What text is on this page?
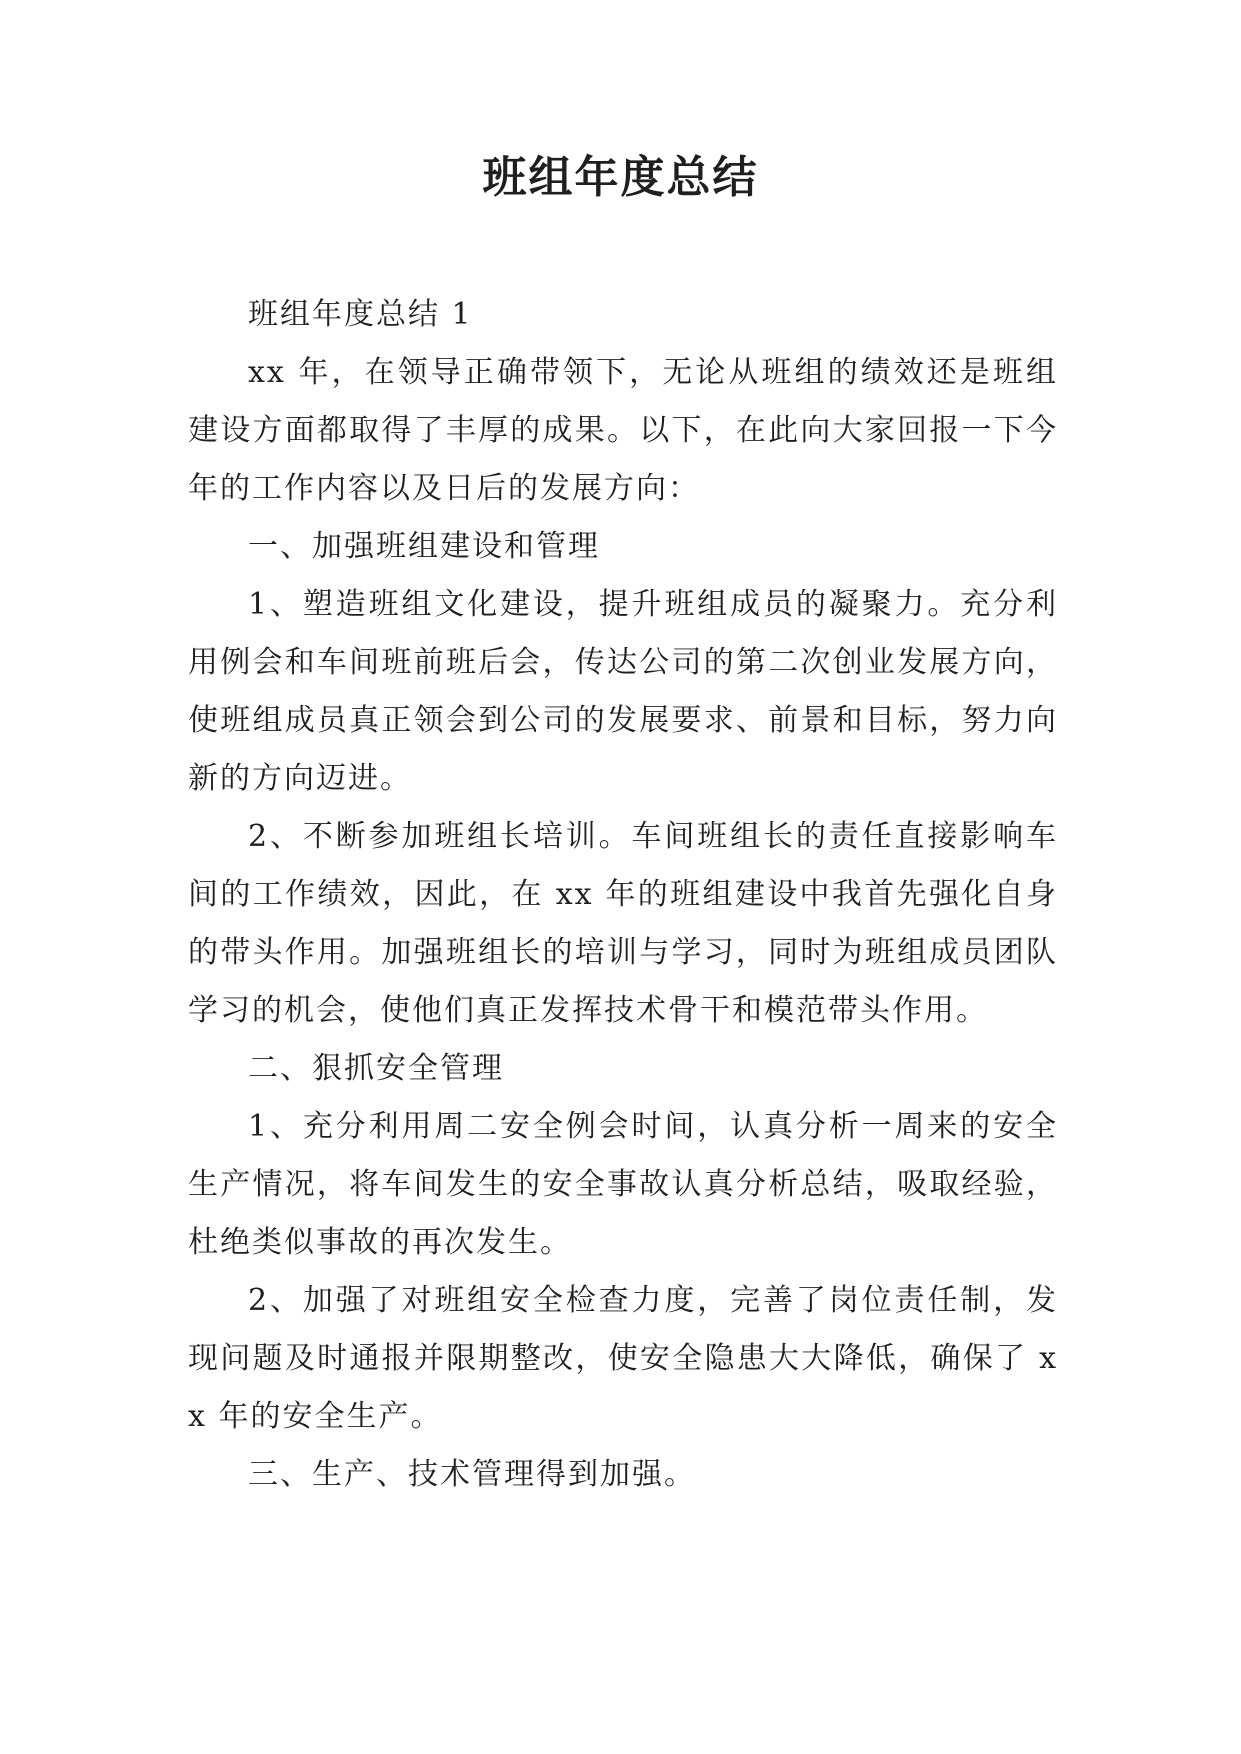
班组年度总结

班组年度总结 1

xx 年，在领导正确带领下，无论从班组的绩效还是班组建设方面都取得了丰厚的成果。以下，在此向大家回报一下今年的工作内容以及日后的发展方向：

一、加强班组建设和管理

1、塑造班组文化建设，提升班组成员的凝聚力。充分利用例会和车间班前班后会，传达公司的第二次创业发展方向，使班组成员真正领会到公司的发展要求、前景和目标，努力向新的方向迈进。

2、不断参加班组长培训。车间班组长的责任直接影响车间的工作绩效，因此，在 xx 年的班组建设中我首先强化自身的带头作用。加强班组长的培训与学习，同时为班组成员团队学习的机会，使他们真正发挥技术骨干和模范带头作用。

二、狠抓安全管理

1、充分利用周二安全例会时间，认真分析一周来的安全生产情况，将车间发生的安全事故认真分析总结，吸取经验，杜绝类似事故的再次发生。

2、加强了对班组安全检查力度，完善了岗位责任制，发现问题及时通报并限期整改，使安全隐患大大降低，确保了 xx 年的安全生产。

三、生产、技术管理得到加强。
